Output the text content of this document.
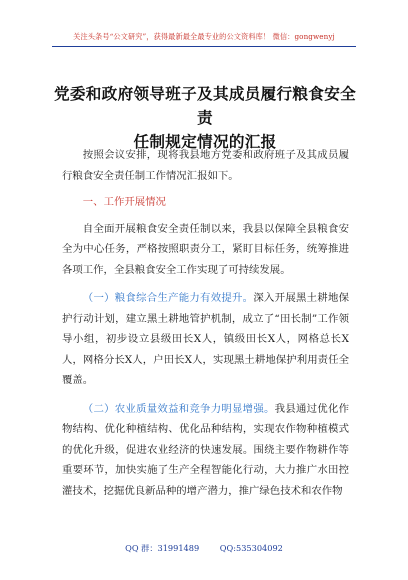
关注头条号“公文研究”，获得最新最全最专业的公文资料库！ 微信：gongwenyj
党委和政府领导班子及其成员履行粮食安全责
任制规定情况的汇报

按照会议安排，现将我县地方党委和政府班子及其成员履行粮食安全责任制工作情况汇报如下。

一、工作开展情况

自全面开展粮食安全责任制以来，我县以保障全县粮食安全为中心任务，严格按照职责分工，紧盯目标任务，统筹推进各项工作，全县粮食安全工作实现了可持续发展。

（一）粮食综合生产能力有效提升。深入开展黑土耕地保护行动计划，建立黑土耕地管护机制，成立了“田长制”工作领导小组，初步设立县级田长X人，镇级田长X人，网格总长X人，网格分长X人，户田长X人，实现黑土耕地保护利用责任全覆盖。

（二）农业质量效益和竞争力明显增强。我县通过优化作物结构、优化种植结构、优化品种结构，实现农作物种植模式的优化升级，促进农业经济的快速发展。围绕主要作物耕作等重要环节，加快实施了生产全程智能化行动，大力推广水田控灌技术，挖掘优良新品种的增产潜力，推广绿色技术和农作物

QQ 群：31991489	QQ:535304092
